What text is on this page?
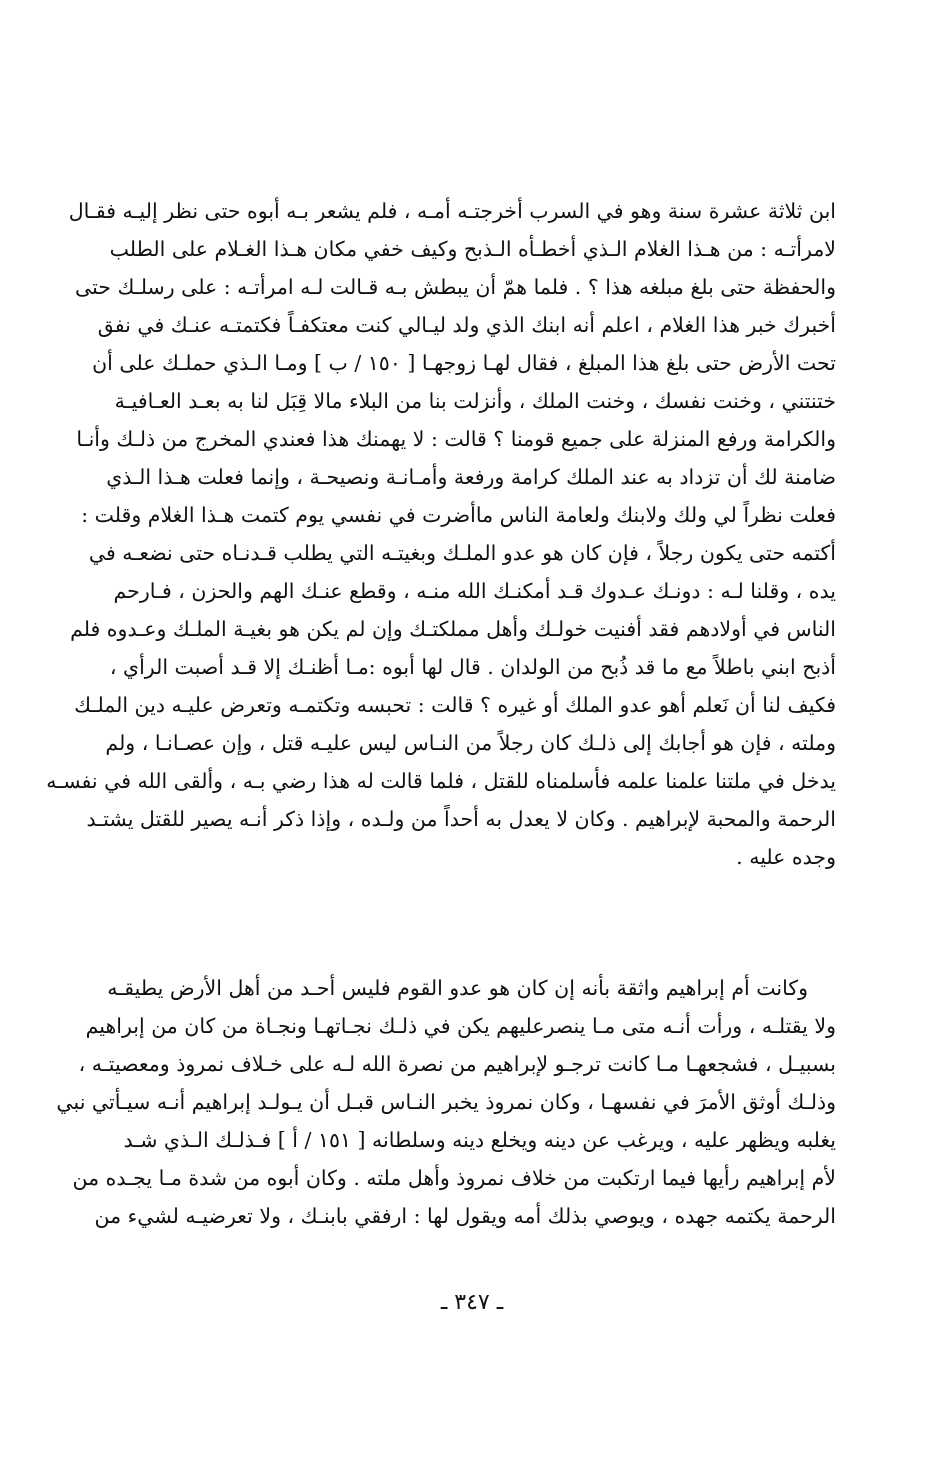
ابن ثلاثة عشرة سنة وهو في السرب أخرجتـه أمـه ، فلم يشعر بـه أبوه حتى نظر إليـه فقـال
لامرأتـه : من هـذا الغلام الـذي أخطـأه الـذبح وكيف خفي مكان هـذا الغـلام على الطلب
والحفظة حتى بلغ مبلغه هذا ؟ . فلما همّ أن يبطش بـه قـالت لـه امرأتـه : على رسلـك حتى
أخبرك خبر هذا الغلام ، اعلم أنه ابنك الذي ولد ليـالي كنت معتكفـاً فكتمتـه عنـك في نفق
تحت الأرض حتى بلغ هذا المبلغ ، فقال لهـا زوجهـا [ ١٥٠ / ب ] ومـا الـذي حملـك على أن
ختنتني ، وخنت نفسك ، وخنت الملك ، وأنزلت بنا من البلاء مالا قِبَل لنا به بعـد العـافيـة
والكرامة ورفع المنزلة على جميع قومنا ؟ قالت : لا يهمنك هذا فعندي المخرج من ذلـك وأنـا
ضامنة لك أن تزداد به عند الملك كرامة ورفعة وأمـانـة ونصيحـة ، وإنما فعلت هـذا الـذي
فعلت نظراً لي ولك ولابنك ولعامة الناس ماأضرت في نفسي يوم كتمت هـذا الغلام وقلت :
أكتمه حتى يكون رجلاً ، فإن كان هو عدو الملـك وبغيتـه التي يطلب قـدنـاه حتى نضعـه في
يده ، وقلنا لـه : دونـك عـدوك قـد أمكنـك الله منـه ، وقطع عنـك الهم والحزن ، فـارحم
الناس في أولادهم فقد أفنيت خولـك وأهل مملكتـك وإن لم يكن هو بغيـة الملـك وعـدوه فلم
أذبح ابني باطلاً مع ما قد ذُبح من الولدان . قال لها أبوه :مـا أظنـك إلا قـد أصبت الرأي ،
فكيف لنا أن نَعلم أهو عدو الملك أو غيره ؟ قالت : تحبسه وتكتمـه وتعرض عليـه دين الملـك
وملته ، فإن هو أجابك إلى ذلـك كان رجلاً من النـاس ليس عليـه قتل ، وإن عصـانـا ، ولم
يدخل في ملتنا علمنا علمه فأسلمناه للقتل ، فلما قالت له هذا رضي بـه ، وألقى الله في نفسـه
الرحمة والمحبة لإبراهيم . وكان لا يعدل به أحداً من ولـده ، وإذا ذكر أنـه يصير للقتل يشتـد
وجده عليه .
وكانت أم إبراهيم واثقة بأنه إن كان هو عدو القوم فليس أحـد من أهل الأرض يطيقـه
ولا يقتلـه ، ورأت أنـه متى مـا ينصرعليهم يكن في ذلـك نجـاتهـا ونجـاة من كان من إبراهيم
بسبيـل ، فشجعهـا مـا كانت ترجـو لإبراهيم من نصرة الله لـه على خـلاف نمروذ ومعصيتـه ،
وذلـك أوثق الأمرَ في نفسهـا ، وكان نمروذ يخبر النـاس قبـل أن يـولـد إبراهيم أنـه سيـأتي نبي
يغلبه ويظهر عليه ، ويرغب عن دينه ويخلع دينه وسلطانه [ ١٥١ / أ ] فـذلـك الـذي شـد
لأم إبراهيم رأيها فيما ارتكبت من خلاف نمروذ وأهل ملته . وكان أبوه من شدة مـا يجـده من
الرحمة يكتمه جهده ، ويوصي بذلك أمه ويقول لها : ارفقي بابنـك ، ولا تعرضيـه لشيء من
ـ ٣٤٧ ـ
